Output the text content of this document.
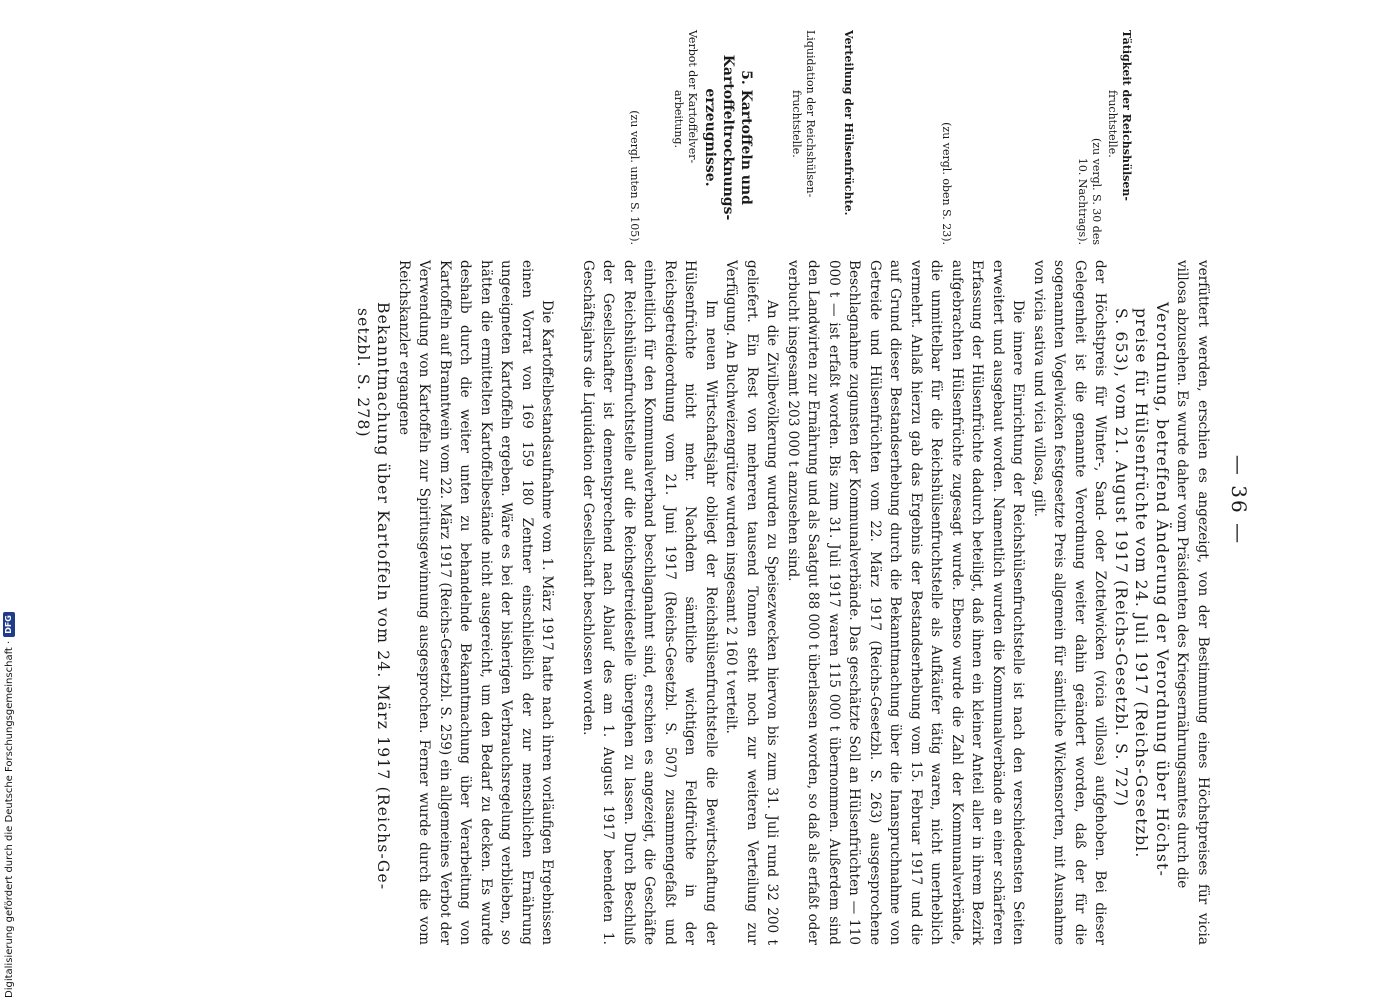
— 36 —

verfüttert werden, erschien es angezeigt, von der Bestimmung eines Höchstpreises für vicia villosa abzusehen. Es wurde daher vom Präsidenten des Kriegsernährungsamtes durch die

Verordnung, betreffend Änderung der Verordnung über Höchst-

preise für Hülsenfrüchte vom 24. Juli 1917 (Reichs-Gesetzbl.

S. 653), vom 21. August 1917 (Reichs-Gesetzbl. S. 727)

der Höchstpreis für Winter-, Sand- oder Zottelwicken (vicia villosa) aufgehoben. Bei dieser Gelegenheit ist die genannte Verordnung weiter dahin geändert worden, daß der für die sogenannten Vogelwicken festgesetzte Preis allgemein für sämtliche Wickensorten, mit Ausnahme von vicia sativa und vicia villosa, gilt.

Die innere Einrichtung der Reichshülsenfruchtstelle ist nach den verschiedensten Seiten erweitert und ausgebaut worden. Namentlich wurden die Kommunalverbände an einer schärferen Erfassung der Hülsenfrüchte dadurch beteiligt, daß ihnen ein kleiner Anteil aller in ihrem Bezirk aufgebrachten Hülsenfrüchte zugesagt wurde. Ebenso wurde die Zahl der Kommunalverbände, die unmittelbar für die Reichshülsenfruchtstelle als Aufkäufer tätig waren, nicht unerheblich vermehrt. Anlaß hierzu gab das Ergebnis der Bestandserhebung vom 15. Februar 1917 und die auf Grund dieser Bestandserhebung durch die Bekanntmachung über die Inanspruchnahme von Getreide und Hülsenfrüchten vom 22. März 1917 (Reichs-Gesetzbl. S. 263) ausgesprochene Beschlagnahme zugunsten der Kommunalverbände. Das geschätzte Soll an Hülsenfrüchten — 110 000 t — ist erfaßt worden. Bis zum 31. Juli 1917 waren 115 000 t übernommen. Außerdem sind den Landwirten zur Ernährung und als Saatgut 88 000 t überlassen worden, so daß als erfaßt oder verbucht insgesamt 203 000 t anzusehen sind.

An die Zivilbevölkerung wurden zu Speisezwecken hiervon bis zum 31. Juli rund 32 200 t geliefert. Ein Rest von mehreren tausend Tonnen steht noch zur weiteren Verteilung zur Verfügung. An Buchweizengrütze wurden insgesamt 2 160 t verteilt.

Im neuen Wirtschaftsjahr obliegt der Reichshülsenfruchtstelle die Bewirtschaftung der Hülsenfrüchte nicht mehr. Nachdem sämtliche wichtigen Feldfrüchte in der Reichsgetreideordnung vom 21. Juni 1917 (Reichs-Gesetzbl. S. 507) zusammengefaßt und einheitlich für den Kommunalverband beschlagnahmt sind, erschien es angezeigt, die Geschäfte der Reichshülsenfruchtstelle auf die Reichsgetreidestelle übergehen zu lassen. Durch Beschluß der Gesellschafter ist dementsprechend nach Ablauf des am 1. August 1917 beendeten 1. Geschäftsjahrs die Liquidation der Gesellschaft beschlossen worden.

Die Kartoffelbestandsaufnahme vom 1. März 1917 hatte nach ihren vorläufigen Ergebnissen einen Vorrat von 169 159 180 Zentner einschließlich der zur menschlichen Ernährung ungeeigneten Kartoffeln ergeben. Wäre es bei der bisherigen Verbrauchsregelung verblieben, so hätten die ermittelten Kartoffelbestände nicht ausgereicht, um den Bedarf zu decken. Es wurde deshalb durch die weiter unten zu behandelnde Bekanntmachung über Verarbeitung von Kartoffeln auf Branntwein vom 22. März 1917 (Reichs-Gesetzbl. S. 259) ein allgemeines Verbot der Verwendung von Kartoffeln zur Spiritusgewinnung ausgesprochen. Ferner wurde durch die vom Reichskanzler ergangene

Bekanntmachung über Kartoffeln vom 24. März 1917 (Reichs-Ge-

setzbl. S. 278)

Tätigkeit der Reichshülsen-
fruchtstelle.
(zu vergl. S. 30 des
10. Nachtrags).
(zu vergl. oben S. 23).
Verteilung der Hülsenfrüchte.
Liquidation der Reichshülsen-
fruchtstelle.
5. Kartoffeln und
Kartoffeltrocknungs-
erzeugnisse.
Verbot der Kartoffelver-
arbeitung.
(zu vergl. unten S. 105).
Digitalisierung gefördert durch die Deutsche Forschungsgemeinschaft ·
DFG
